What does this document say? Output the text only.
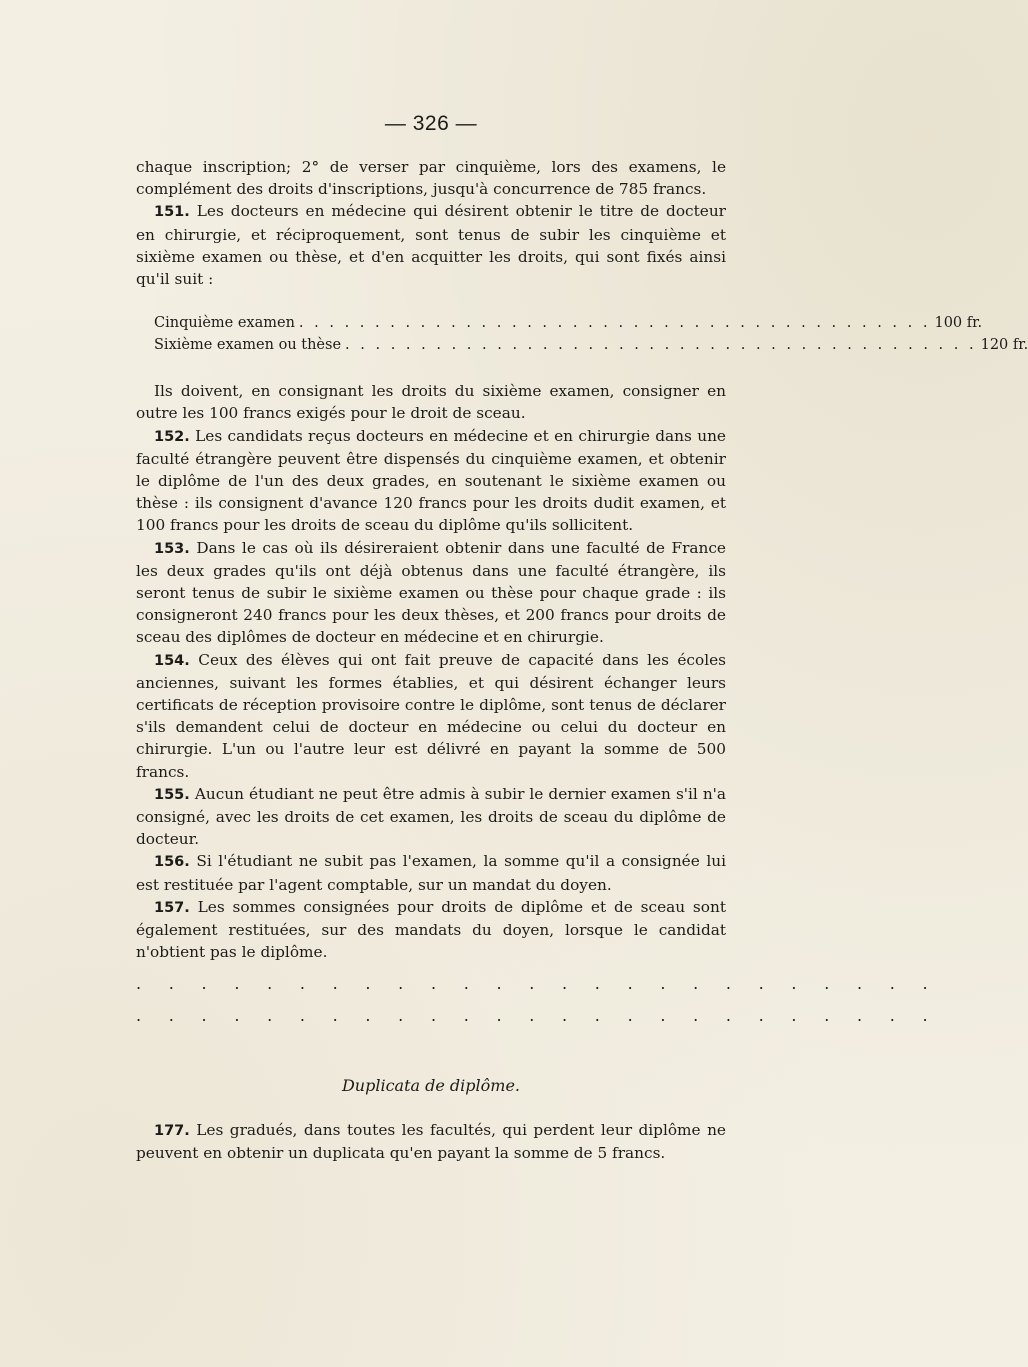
— 326 —

chaque inscription; 2° de verser par cinquième, lors des examens, le complément des droits d'inscriptions, jusqu'à concurrence de 785 francs.

151. Les docteurs en médecine qui désirent obtenir le titre de docteur en chirurgie, et réciproquement, sont tenus de subir les cinquième et sixième examen ou thèse, et d'en acquitter les droits, qui sont fixés ainsi qu'il suit :

Cinquième examen . . . . . . . . . . . . . . . . . . . . . . . . . . . . . . . . . . . . . . . . . . 100 fr.
Sixième examen ou thèse . . . . . . . . . . . . . . . . . . . . . . . . . . . . . . . . . . . . . . . . . . 120 fr.

Ils doivent, en consignant les droits du sixième examen, consigner en outre les 100 francs exigés pour le droit de sceau.

152. Les candidats reçus docteurs en médecine et en chirurgie dans une faculté étrangère peuvent être dispensés du cinquième examen, et obtenir le diplôme de l'un des deux grades, en soutenant le sixième examen ou thèse : ils consignent d'avance 120 francs pour les droits dudit examen, et 100 francs pour les droits de sceau du diplôme qu'ils sollicitent.

153. Dans le cas où ils désireraient obtenir dans une faculté de France les deux grades qu'ils ont déjà obtenus dans une faculté étrangère, ils seront tenus de subir le sixième examen ou thèse pour chaque grade : ils consigneront 240 francs pour les deux thèses, et 200 francs pour droits de sceau des diplômes de docteur en médecine et en chirurgie.

154. Ceux des élèves qui ont fait preuve de capacité dans les écoles anciennes, suivant les formes établies, et qui désirent échanger leurs certificats de réception provisoire contre le diplôme, sont tenus de déclarer s'ils demandent celui de docteur en médecine ou celui du docteur en chirurgie. L'un ou l'autre leur est délivré en payant la somme de 500 francs.

155. Aucun étudiant ne peut être admis à subir le dernier examen s'il n'a consigné, avec les droits de cet examen, les droits de sceau du diplôme de docteur.

156. Si l'étudiant ne subit pas l'examen, la somme qu'il a consignée lui est restituée par l'agent comptable, sur un mandat du doyen.

157. Les sommes consignées pour droits de diplôme et de sceau sont également restituées, sur des mandats du doyen, lorsque le candidat n'obtient pas le diplôme.

. . . . . . . . . . . . . . . . . . . . . . . . .
. . . . . . . . . . . . . . . . . . . . . . . . .
Duplicata de diplôme.

177. Les gradués, dans toutes les facultés, qui perdent leur diplôme ne peuvent en obtenir un duplicata qu'en payant la somme de 5 francs.
